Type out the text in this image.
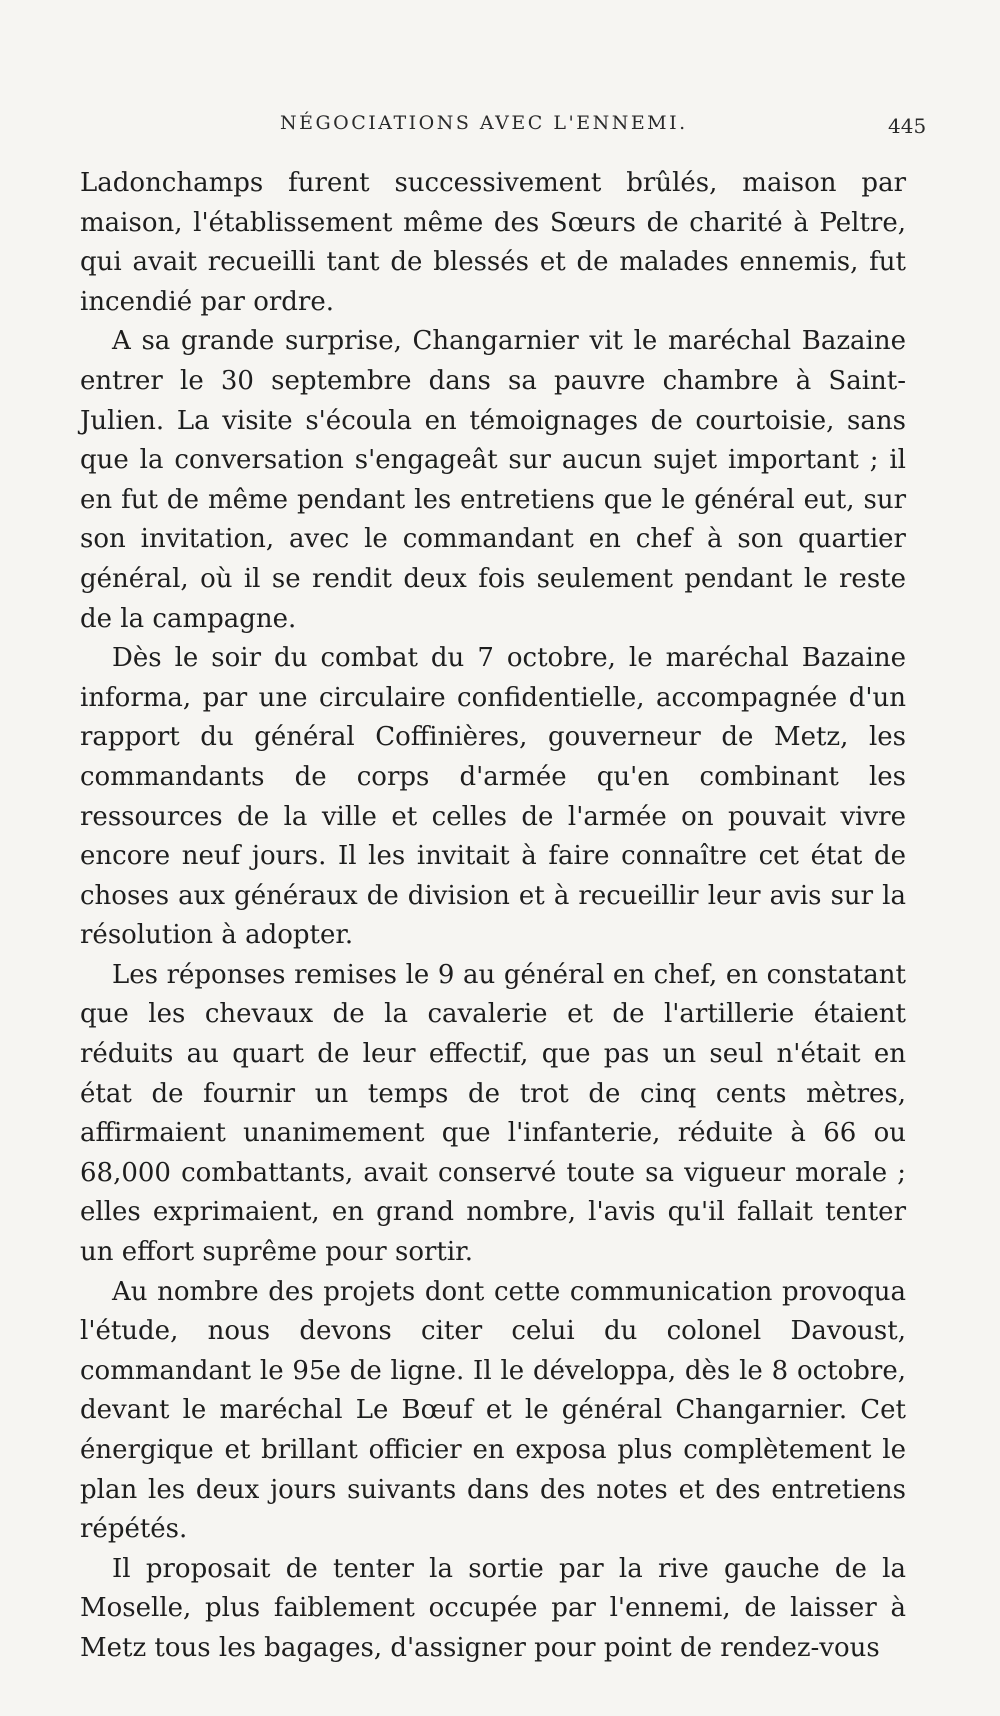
NÉGOCIATIONS AVEC L'ENNEMI.	445

Ladonchamps furent successivement brûlés, maison par maison, l'établissement même des Sœurs de charité à Peltre, qui avait recueilli tant de blessés et de malades ennemis, fut incendié par ordre.

A sa grande surprise, Changarnier vit le maréchal Bazaine entrer le 30 septembre dans sa pauvre chambre à Saint-Julien. La visite s'écoula en témoignages de courtoisie, sans que la conversation s'engageât sur aucun sujet important ; il en fut de même pendant les entretiens que le général eut, sur son invitation, avec le commandant en chef à son quartier général, où il se rendit deux fois seulement pendant le reste de la campagne.

Dès le soir du combat du 7 octobre, le maréchal Bazaine informa, par une circulaire confidentielle, accompagnée d'un rapport du général Coffinières, gouverneur de Metz, les commandants de corps d'armée qu'en combinant les ressources de la ville et celles de l'armée on pouvait vivre encore neuf jours. Il les invitait à faire connaître cet état de choses aux généraux de division et à recueillir leur avis sur la résolution à adopter.

Les réponses remises le 9 au général en chef, en constatant que les chevaux de la cavalerie et de l'artillerie étaient réduits au quart de leur effectif, que pas un seul n'était en état de fournir un temps de trot de cinq cents mètres, affirmaient unanimement que l'infanterie, réduite à 66 ou 68,000 combattants, avait conservé toute sa vigueur morale ; elles exprimaient, en grand nombre, l'avis qu'il fallait tenter un effort suprême pour sortir.

Au nombre des projets dont cette communication provoqua l'étude, nous devons citer celui du colonel Davoust, commandant le 95e de ligne. Il le développa, dès le 8 octobre, devant le maréchal Le Bœuf et le général Changarnier. Cet énergique et brillant officier en exposa plus complètement le plan les deux jours suivants dans des notes et des entretiens répétés.

Il proposait de tenter la sortie par la rive gauche de la Moselle, plus faiblement occupée par l'ennemi, de laisser à Metz tous les bagages, d'assigner pour point de rendez-vous
